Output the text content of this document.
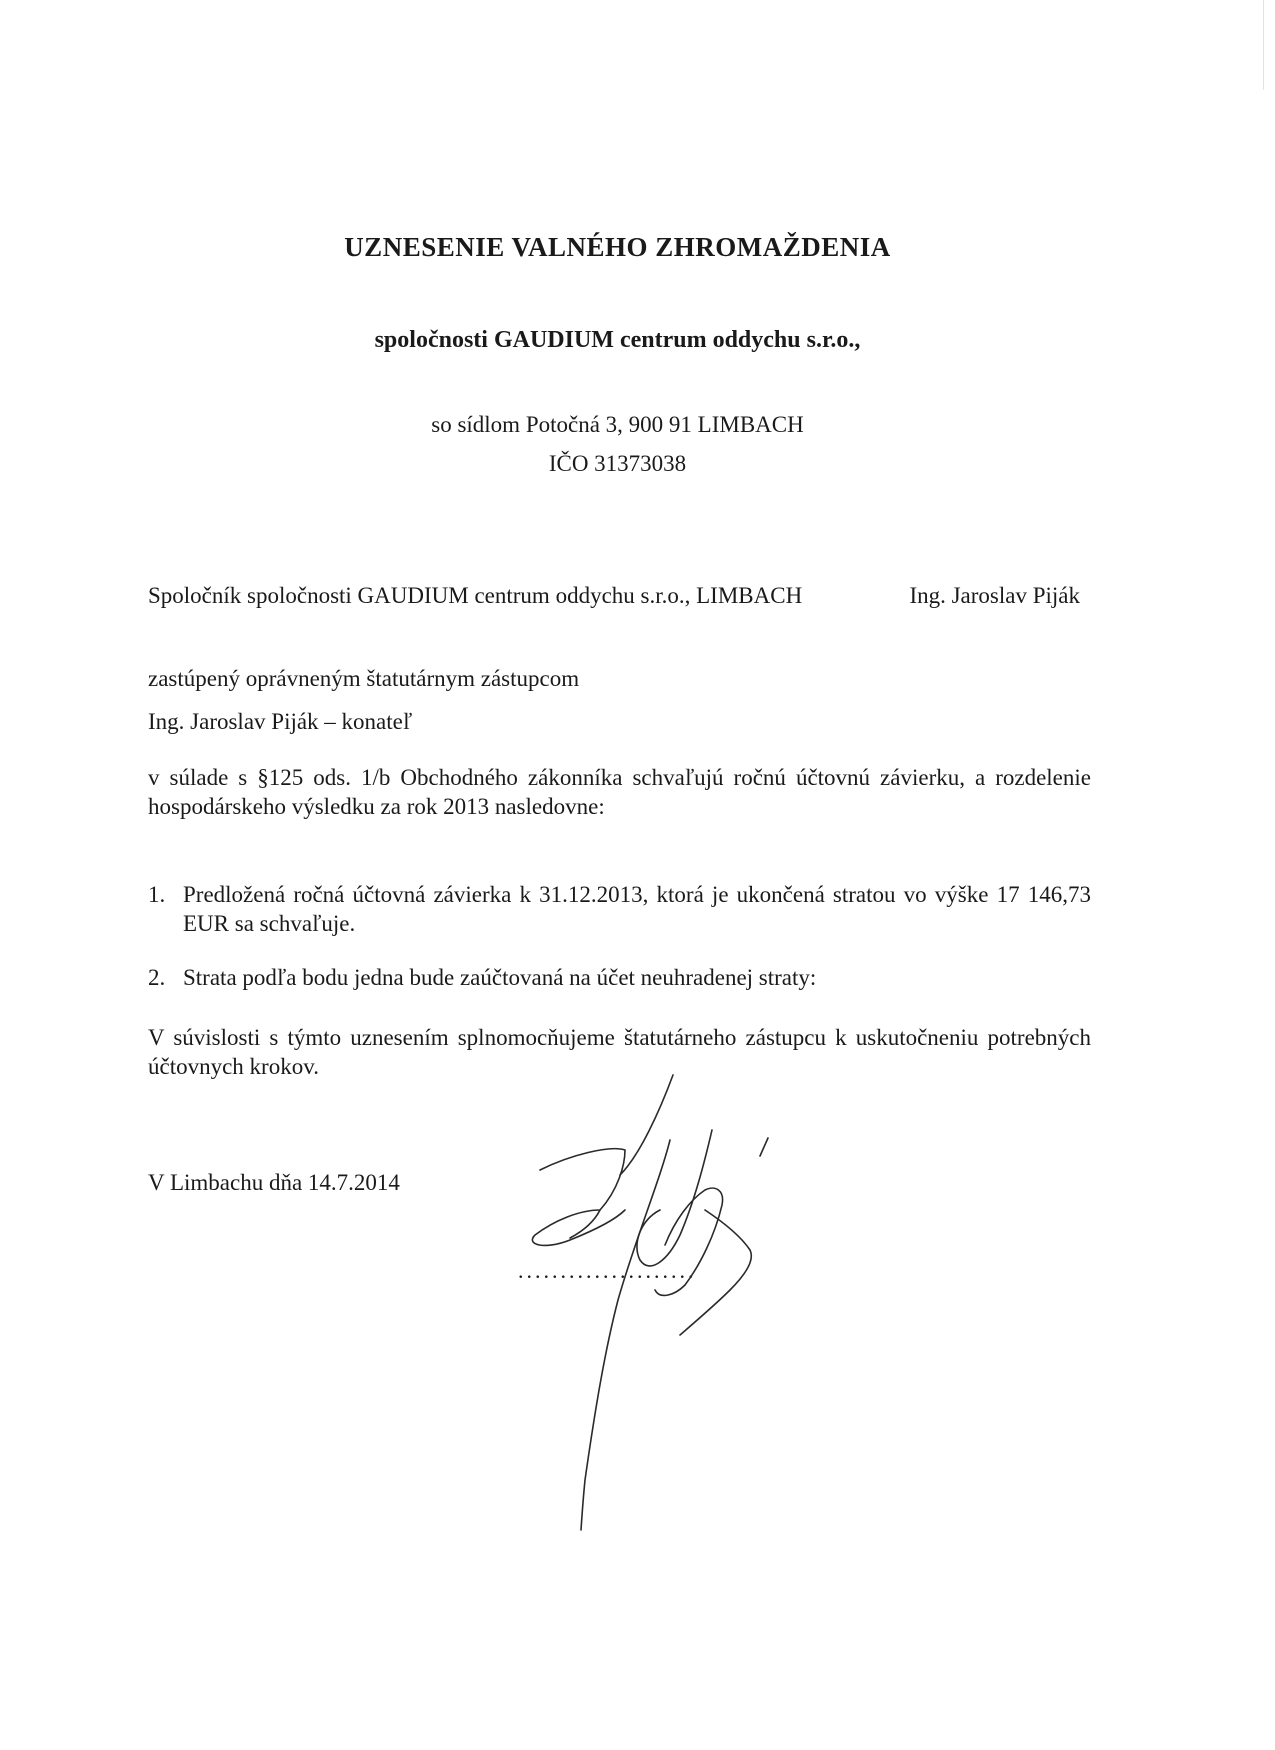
UZNESENIE VALNÉHO ZHROMAŽDENIA
spoločnosti GAUDIUM centrum oddychu s.r.o.,
so sídlom Potočná 3, 900 91 LIMBACH
IČO 31373038
Spoločník spoločnosti GAUDIUM centrum oddychu s.r.o., LIMBACH	Ing. Jaroslav Piják
zastúpený oprávneným štatutárnym zástupcom
Ing. Jaroslav Piják – konateľ
v súlade s §125 ods. 1/b Obchodného zákonníka schvaľujú ročnú účtovnú závierku, a rozdelenie hospodárskeho výsledku za rok 2013 nasledovne:
1. Predložená ročná účtovná závierka k 31.12.2013, ktorá je ukončená stratou vo výške 17 146,73 EUR sa schvaľuje.
2. Strata podľa bodu jedna bude zaúčtovaná na účet neuhradenej straty:
V súvislosti s týmto uznesením splnomocňujeme štatutárneho zástupcu k uskutočneniu potrebných účtovnych krokov.
V Limbachu dňa 14.7.2014
.....................
